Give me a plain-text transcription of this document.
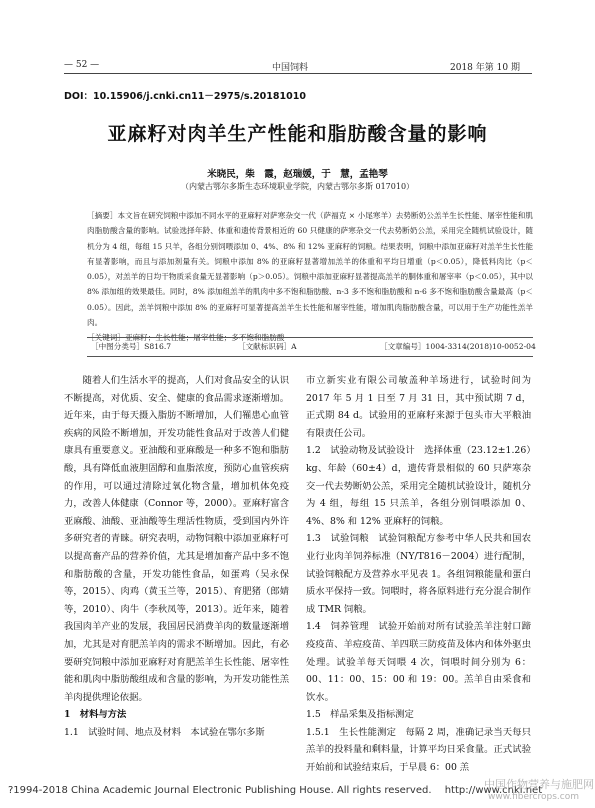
— 52 —	中国饲料	2018 年第 10 期
DOI：10.15906/j.cnki.cn11－2975/s.20181010
亚麻籽对肉羊生产性能和脂肪酸含量的影响
米晓民，柴　霞，赵瑞媛，于　慧，孟艳琴
（内蒙古鄂尔多斯生态环境职业学院，内蒙古鄂尔多斯 017010）

［摘要］本文旨在研究饲粮中添加不同水平的亚麻籽对萨寒杂交一代（萨福克 × 小尾寒羊）去势断奶公羔羊生长性能、屠宰性能和肌肉脂肪酸含量的影响。试验选择年龄、体重和遗传背景相近的 60 只健康的萨寒杂交一代去势断奶公羔，采用完全随机试验设计，随机分为 4 组，每组 15 只羊，各组分别饲喂添加 0、4%、8% 和 12% 亚麻籽的饲粮。结果表明，饲粮中添加亚麻籽对羔羊生长性能有显著影响，而且与添加剂量有关。饲粮中添加 8% 的亚麻籽显著增加羔羊的体重和平均日增重（p＜0.05），降低料肉比（p＜0.05），对羔羊的日均干物质采食量无显著影响（p＞0.05）。饲粮中添加亚麻籽显著提高羔羊的胴体重和屠宰率（p＜0.05），其中以 8% 添加组的效果最佳。同时，8% 添加组羔羊的肌肉中多不饱和脂肪酸、n-3 多不饱和脂肪酸和 n-6 多不饱和脂肪酸含量最高（p＜0.05）。因此，羔羊饲粮中添加 8% 的亚麻籽可显著提高羔羊生长性能和屠宰性能，增加肌肉脂肪酸含量，可以用于生产功能性羔羊肉。

［关键词］亚麻籽；生长性能；屠宰性能；多不饱和脂肪酸

［中图分类号］S816.7	［文献标识码］A	［文章编号］1004-3314(2018)10-0052-04

随着人们生活水平的提高，人们对食品安全的认识不断提高，对优质、安全、健康的食品需求逐渐增加。近年来，由于每天摄入脂肪不断增加，人们罹患心血管疾病的风险不断增加，开发功能性食品对于改善人们健康具有重要意义。亚油酸和亚麻酸是一种多不饱和脂肪酸，具有降低血液胆固醇和血脂浓度，预防心血管疾病的作用，可以通过清除过氧化物含量，增加机体免疫力，改善人体健康（Connor 等，2000）。亚麻籽富含亚麻酸、油酸、亚油酸等生理活性物质，受到国内外许多研究者的青睐。研究表明，动物饲粮中添加亚麻籽可以提高畜产品的营养价值，尤其是增加畜产品中多不饱和脂肪酸的含量，开发功能性食品，如蛋鸡（吴永保等，2015）、肉鸡（黄玉兰等，2015）、育肥猪（郎婧等，2010）、肉牛（李秋凤等，2013）。近年来，随着我国肉羊产业的发展，我国居民消费羊肉的数量逐渐增加，尤其是对育肥羔羊肉的需求不断增加。因此，有必要研究饲粮中添加亚麻籽对育肥羔羊生长性能、屠宰性能和肌肉中脂肪酸组成和含量的影响，为开发功能性羔羊肉提供理论依据。

1　材料与方法

1.1　试验时间、地点及材料　本试验在鄂尔多斯

市立新实业有限公司敏盖种羊场进行，试验时间为 2017 年 5 月 1 日至 7 月 31 日，其中预试期 7 d，正式期 84 d。试验用的亚麻籽来源于包头市大平粮油有限责任公司。

1.2　试验动物及试验设计　选择体重（23.12±1.26）kg、年龄（60±4）d，遗传背景相似的 60 只萨寒杂交一代去势断奶公羔，采用完全随机试验设计，随机分为 4 组，每组 15 只羔羊，各组分别饲喂添加 0、4%、8% 和 12% 亚麻籽的饲粮。

1.3　试验饲粮　试验饲粮配方参考中华人民共和国农业行业肉羊饲养标准（NY/T816－2004）进行配制，试验饲粮配方及营养水平见表 1。各组饲粮能量和蛋白质水平保持一致。饲喂时，将各原料进行充分混合制作成 TMR 饲粮。

1.4　饲养管理　试验开始前对所有试验羔羊注射口蹄疫疫苗、羊痘疫苗、羊四联三防疫苗及体内和体外驱虫处理。试验羊每天饲喂 4 次，饲喂时间分别为 6：00、11：00、15：00 和 19：00。羔羊自由采食和饮水。

1.5　样品采集及指标测定

1.5.1　生长性能测定　每隔 2 周，准确记录当天每只羔羊的投料量和剩料量，计算平均日采食量。正式试验开始前和试验结束后，于早晨 6：00 羔

?1994-2018 China Academic Journal Electronic Publishing House. All rights reserved.　 http://www.cnki.net
中国作物营养与施肥网
www.fibercrops.com
